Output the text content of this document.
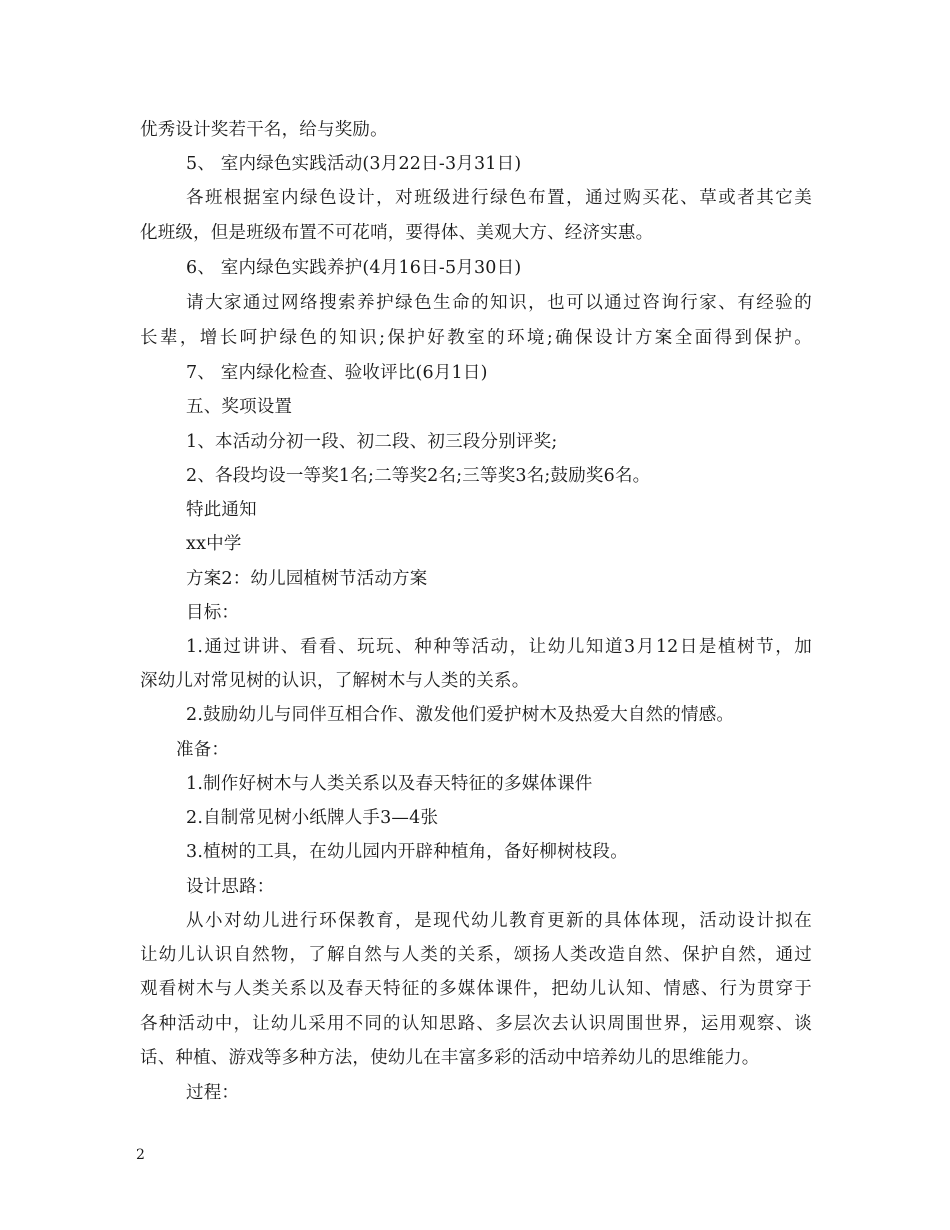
优秀设计奖若干名，给与奖励。
5、 室内绿色实践活动(3月22日-3月31日)
各班根据室内绿色设计，对班级进行绿色布置，通过购买花、草或者其它美
化班级，但是班级布置不可花哨，要得体、美观大方、经济实惠。
6、 室内绿色实践养护(4月16日-5月30日)
请大家通过网络搜索养护绿色生命的知识，也可以通过咨询行家、有经验的
长辈，增长呵护绿色的知识;保护好教室的环境;确保设计方案全面得到保护。
7、 室内绿化检查、验收评比(6月1日)
五、奖项设置
1、本活动分初一段、初二段、初三段分别评奖;
2、各段均设一等奖1名;二等奖2名;三等奖3名;鼓励奖6名。
特此通知
xx中学
方案2：幼儿园植树节活动方案
目标：
1.通过讲讲、看看、玩玩、种种等活动，让幼儿知道3月12日是植树节，加
深幼儿对常见树的认识，了解树木与人类的关系。
2.鼓励幼儿与同伴互相合作、激发他们爱护树木及热爱大自然的情感。
准备：
1.制作好树木与人类关系以及春天特征的多媒体课件
2.自制常见树小纸牌人手3—4张
3.植树的工具，在幼儿园内开辟种植角，备好柳树枝段。
设计思路：
从小对幼儿进行环保教育，是现代幼儿教育更新的具体体现，活动设计拟在
让幼儿认识自然物，了解自然与人类的关系，颂扬人类改造自然、保护自然，通过
观看树木与人类关系以及春天特征的多媒体课件，把幼儿认知、情感、行为贯穿于
各种活动中，让幼儿采用不同的认知思路、多层次去认识周围世界，运用观察、谈
话、种植、游戏等多种方法，使幼儿在丰富多彩的活动中培养幼儿的思维能力。
过程：
2
